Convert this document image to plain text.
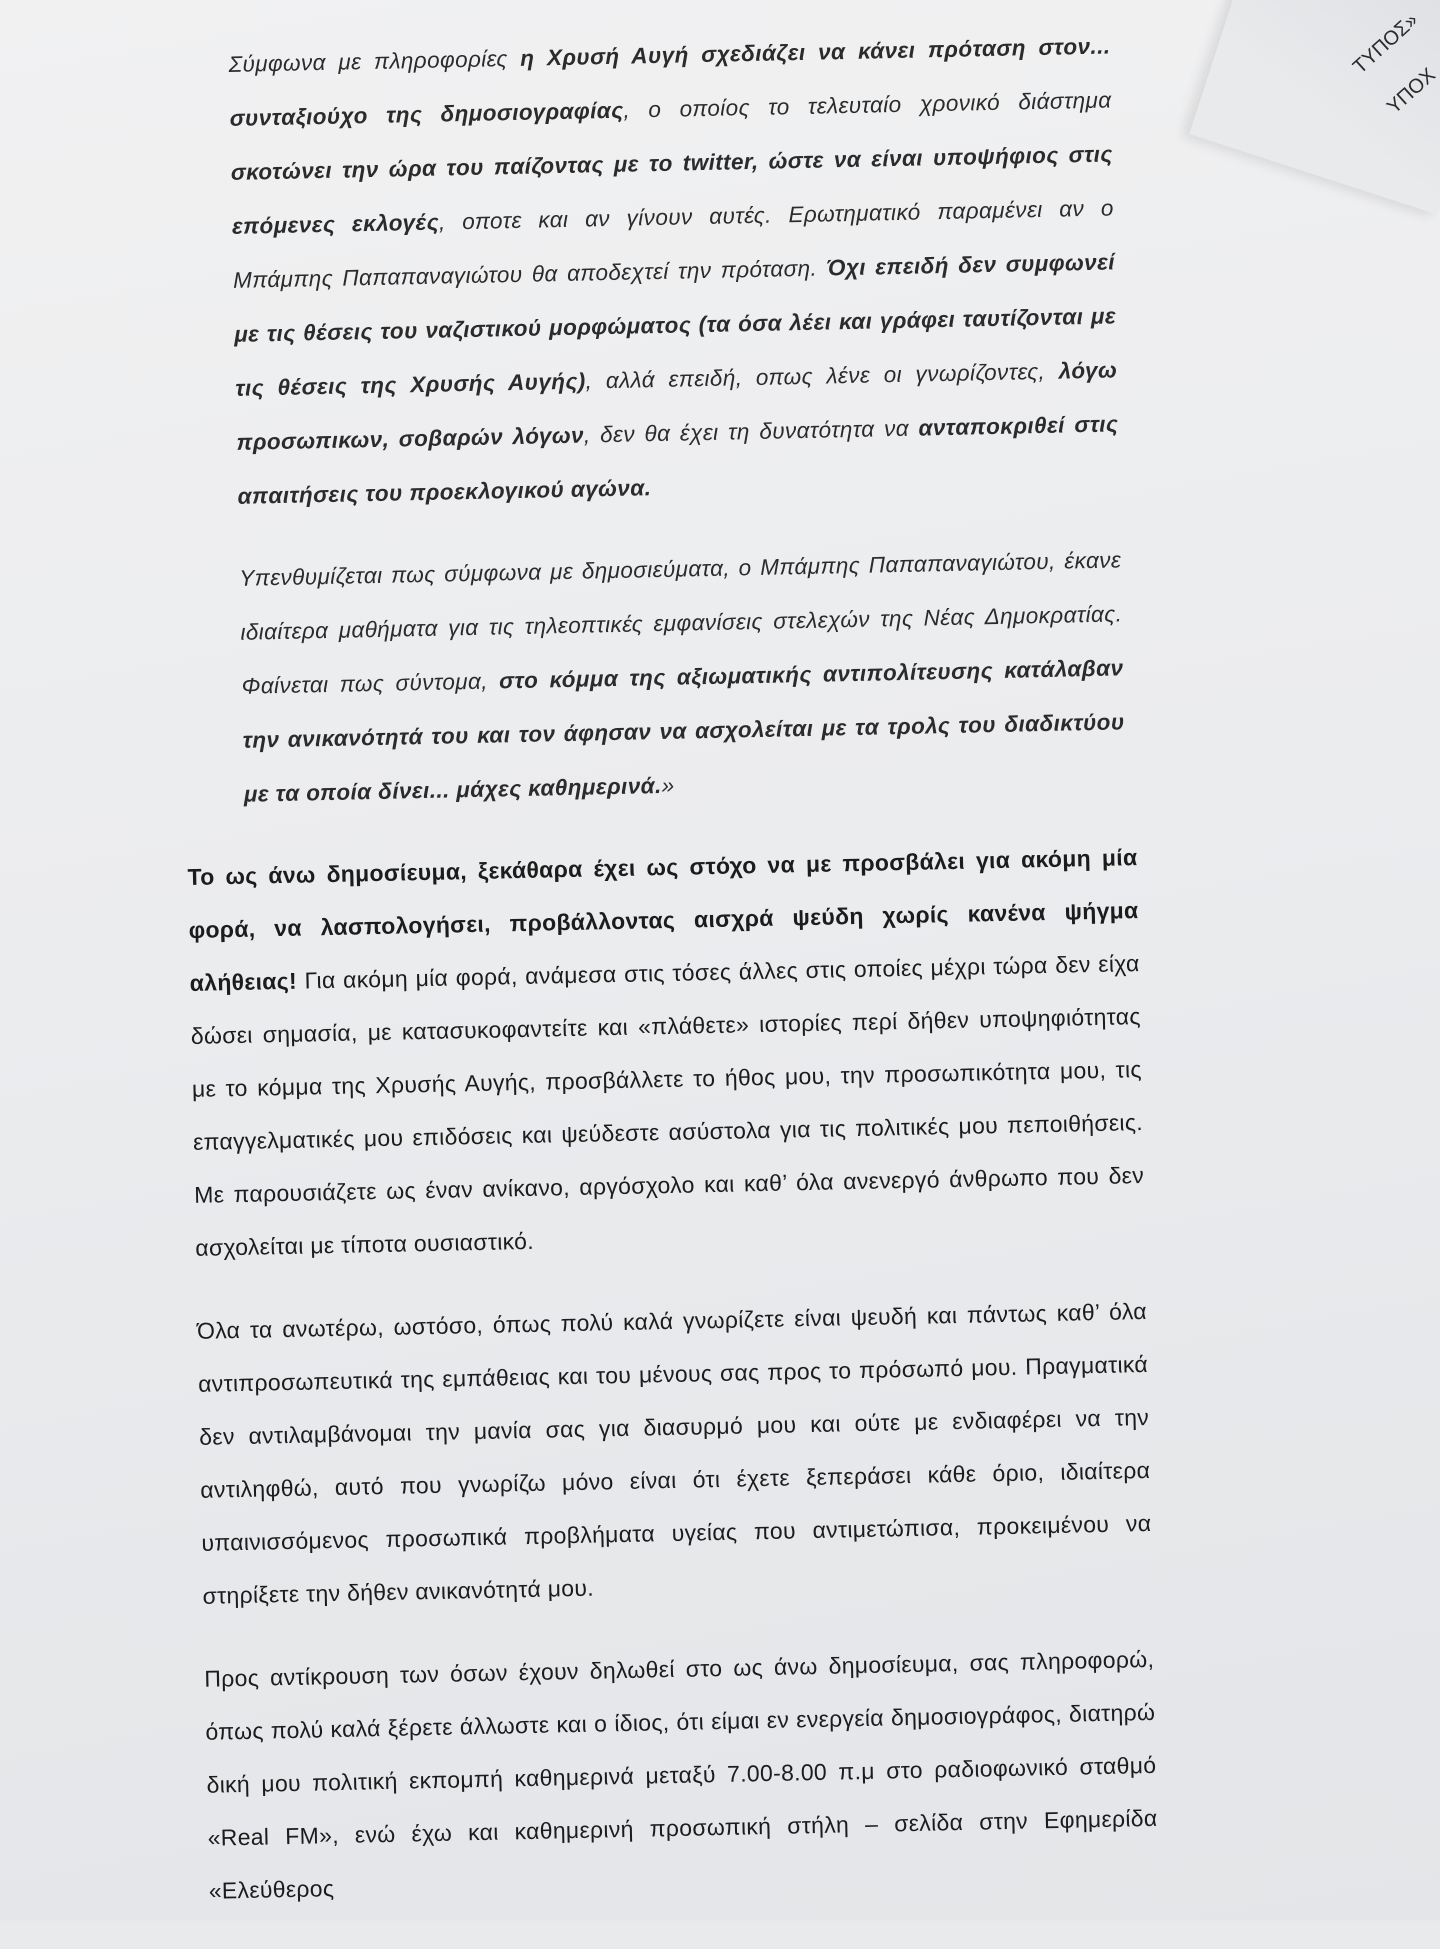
ΤΥΠΟΣ»
ΥΠΟΧ

Σύμφωνα με πληροφορίες η Χρυσή Αυγή σχεδιάζει να κάνει πρόταση στον... συνταξιούχο της δημοσιογραφίας, ο οποίος το τελευταίο χρονικό διάστημα σκοτώνει την ώρα του παίζοντας με το twitter, ώστε να είναι υποψήφιος στις επόμενες εκλογές, οποτε και αν γίνουν αυτές. Ερωτηματικό παραμένει αν ο Μπάμπης Παπαπαναγιώτου θα αποδεχτεί την πρόταση. Όχι επειδή δεν συμφωνεί με τις θέσεις του ναζιστικού μορφώματος (τα όσα λέει και γράφει ταυτίζονται με τις θέσεις της Χρυσής Αυγής), αλλά επειδή, οπως λένε οι γνωρίζοντες, λόγω προσωπικων, σοβαρών λόγων, δεν θα έχει τη δυνατότητα να ανταποκριθεί στις απαιτήσεις του προεκλογικού αγώνα.

Υπενθυμίζεται πως σύμφωνα με δημοσιεύματα, ο Μπάμπης Παπαπαναγιώτου, έκανε ιδιαίτερα μαθήματα για τις τηλεοπτικές εμφανίσεις στελεχών της Νέας Δημοκρατίας. Φαίνεται πως σύντομα, στο κόμμα της αξιωματικής αντιπολίτευσης κατάλαβαν την ανικανότητά του και τον άφησαν να ασχολείται με τα τρολς του διαδικτύου με τα οποία δίνει... μάχες καθημερινά.»

Το ως άνω δημοσίευμα, ξεκάθαρα έχει ως στόχο να με προσβάλει για ακόμη μία φορά, να λασπολογήσει, προβάλλοντας αισχρά ψεύδη χωρίς κανένα ψήγμα αλήθειας! Για ακόμη μία φορά, ανάμεσα στις τόσες άλλες στις οποίες μέχρι τώρα δεν είχα δώσει σημασία, με κατασυκοφαντείτε και «πλάθετε» ιστορίες περί δήθεν υποψηφιότητας με το κόμμα της Χρυσής Αυγής, προσβάλλετε το ήθος μου, την προσωπικότητα μου, τις επαγγελματικές μου επιδόσεις και ψεύδεστε ασύστολα για τις πολιτικές μου πεποιθήσεις. Με παρουσιάζετε ως έναν ανίκανο, αργόσχολο και καθ’ όλα ανενεργό άνθρωπο που δεν ασχολείται με τίποτα ουσιαστικό.

Όλα τα ανωτέρω, ωστόσο, όπως πολύ καλά γνωρίζετε είναι ψευδή και πάντως καθ’ όλα αντιπροσωπευτικά της εμπάθειας και του μένους σας προς το πρόσωπό μου. Πραγματικά δεν αντιλαμβάνομαι την μανία σας για διασυρμό μου και ούτε με ενδιαφέρει να την αντιληφθώ, αυτό που γνωρίζω μόνο είναι ότι έχετε ξεπεράσει κάθε όριο, ιδιαίτερα υπαινισσόμενος προσωπικά προβλήματα υγείας που αντιμετώπισα, προκειμένου να στηρίξετε την δήθεν ανικανότητά μου.

Προς αντίκρουση των όσων έχουν δηλωθεί στο ως άνω δημοσίευμα, σας πληροφορώ, όπως πολύ καλά ξέρετε άλλωστε και ο ίδιος, ότι είμαι εν ενεργεία δημοσιογράφος, διατηρώ δική μου πολιτική εκπομπή καθημερινά μεταξύ 7.00-8.00 π.μ στο ραδιοφωνικό σταθμό «Real FM», ενώ έχω και καθημερινή προσωπική στήλη – σελίδα στην Εφημερίδα «Ελεύθερος
